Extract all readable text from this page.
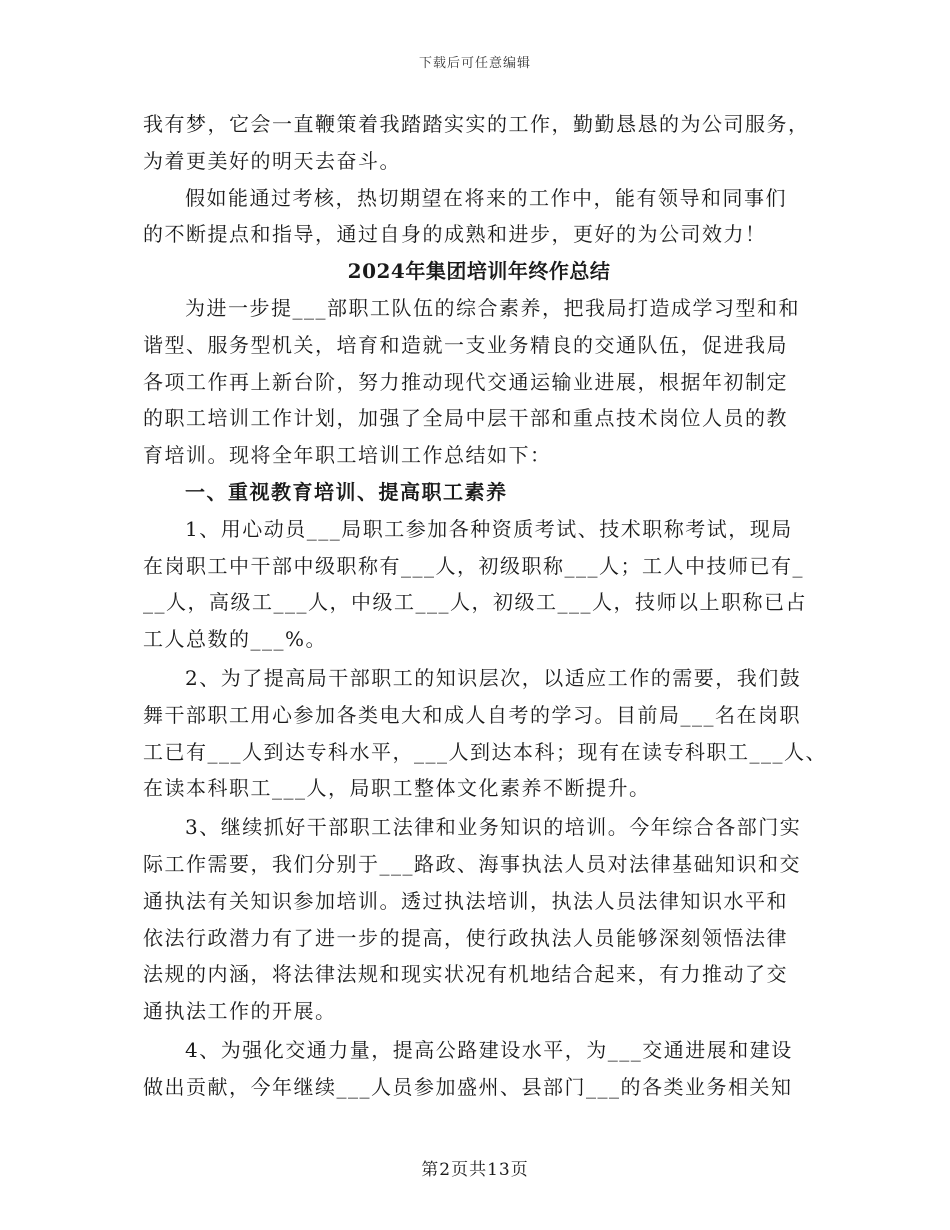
下载后可任意编辑
我有梦，它会一直鞭策着我踏踏实实的工作，勤勤恳恳的为公司服务，
为着更美好的明天去奋斗。
假如能通过考核，热切期望在将来的工作中，能有领导和同事们
的不断提点和指导，通过自身的成熟和进步，更好的为公司效力！
2024年集团培训年终作总结
为进一步提___部职工队伍的综合素养，把我局打造成学习型和和
谐型、服务型机关，培育和造就一支业务精良的交通队伍，促进我局
各项工作再上新台阶，努力推动现代交通运输业进展，根据年初制定
的职工培训工作计划，加强了全局中层干部和重点技术岗位人员的教
育培训。现将全年职工培训工作总结如下：
一、重视教育培训、提高职工素养
1、用心动员___局职工参加各种资质考试、技术职称考试，现局
在岗职工中干部中级职称有___人，初级职称___人；工人中技师已有_
__人，高级工___人，中级工___人，初级工___人，技师以上职称已占
工人总数的___%。
2、为了提高局干部职工的知识层次，以适应工作的需要，我们鼓
舞干部职工用心参加各类电大和成人自考的学习。目前局___名在岗职
工已有___人到达专科水平，___人到达本科；现有在读专科职工___人、
在读本科职工___人，局职工整体文化素养不断提升。
3、继续抓好干部职工法律和业务知识的培训。今年综合各部门实
际工作需要，我们分别于___路政、海事执法人员对法律基础知识和交
通执法有关知识参加培训。透过执法培训，执法人员法律知识水平和
依法行政潜力有了进一步的提高，使行政执法人员能够深刻领悟法律
法规的内涵，将法律法规和现实状况有机地结合起来，有力推动了交
通执法工作的开展。
4、为强化交通力量，提高公路建设水平，为___交通进展和建设
做出贡献，今年继续___人员参加盛州、县部门___的各类业务相关知
第2页共13页
